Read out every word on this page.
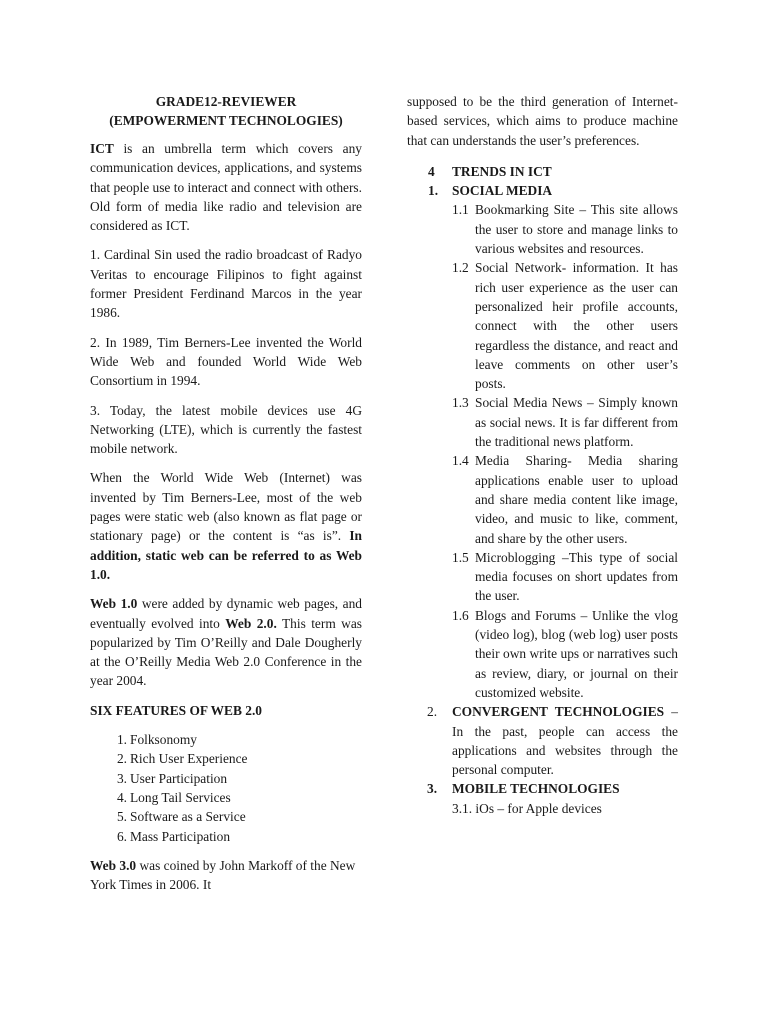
GRADE12-REVIEWER
(EMPOWERMENT TECHNOLOGIES)

ICT is an umbrella term which covers any communication devices, applications, and systems that people use to interact and connect with others. Old form of media like radio and television are considered as ICT.

1. Cardinal Sin used the radio broadcast of Radyo Veritas to encourage Filipinos to fight against former President Ferdinand Marcos in the year 1986.

2. In 1989, Tim Berners-Lee invented the World Wide Web and founded World Wide Web Consortium in 1994.

3. Today, the latest mobile devices use 4G Networking (LTE), which is currently the fastest mobile network.

When the World Wide Web (Internet) was invented by Tim Berners-Lee, most of the web pages were static web (also known as flat page or stationary page) or the content is “as is”. In addition, static web can be referred to as Web 1.0.

Web 1.0 were added by dynamic web pages, and eventually evolved into Web 2.0. This term was popularized by Tim O’Reilly and Dale Dougherly at the O’Reilly Media Web 2.0 Conference in the year 2004.

SIX FEATURES OF WEB 2.0
1. Folksonomy
2. Rich User Experience
3. User Participation
4. Long Tail Services
5. Software as a Service
6. Mass Participation

Web 3.0 was coined by John Markoff of the New York Times in 2006. It

supposed to be the third generation of Internet-based services, which aims to produce machine that can understands the user’s preferences.

4 TRENDS IN ICT
1. SOCIAL MEDIA
1.1 Bookmarking Site – This site allows the user to store and manage links to various websites and resources.
1.2 Social Network- information. It has rich user experience as the user can personalized heir profile accounts, connect with the other users regardless the distance, and react and leave comments on other user’s posts.
1.3 Social Media News – Simply known as social news. It is far different from the traditional news platform.
1.4 Media Sharing- Media sharing applications enable user to upload and share media content like image, video, and music to like, comment, and share by the other users.
1.5 Microblogging –This type of social media focuses on short updates from the user.
1.6 Blogs and Forums – Unlike the vlog (video log), blog (web log) user posts their own write ups or narratives such as review, diary, or journal on their customized website.
2. CONVERGENT TECHNOLOGIES – In the past, people can access the applications and websites through the personal computer.
3. MOBILE TECHNOLOGIES
3.1. iOs – for Apple devices
